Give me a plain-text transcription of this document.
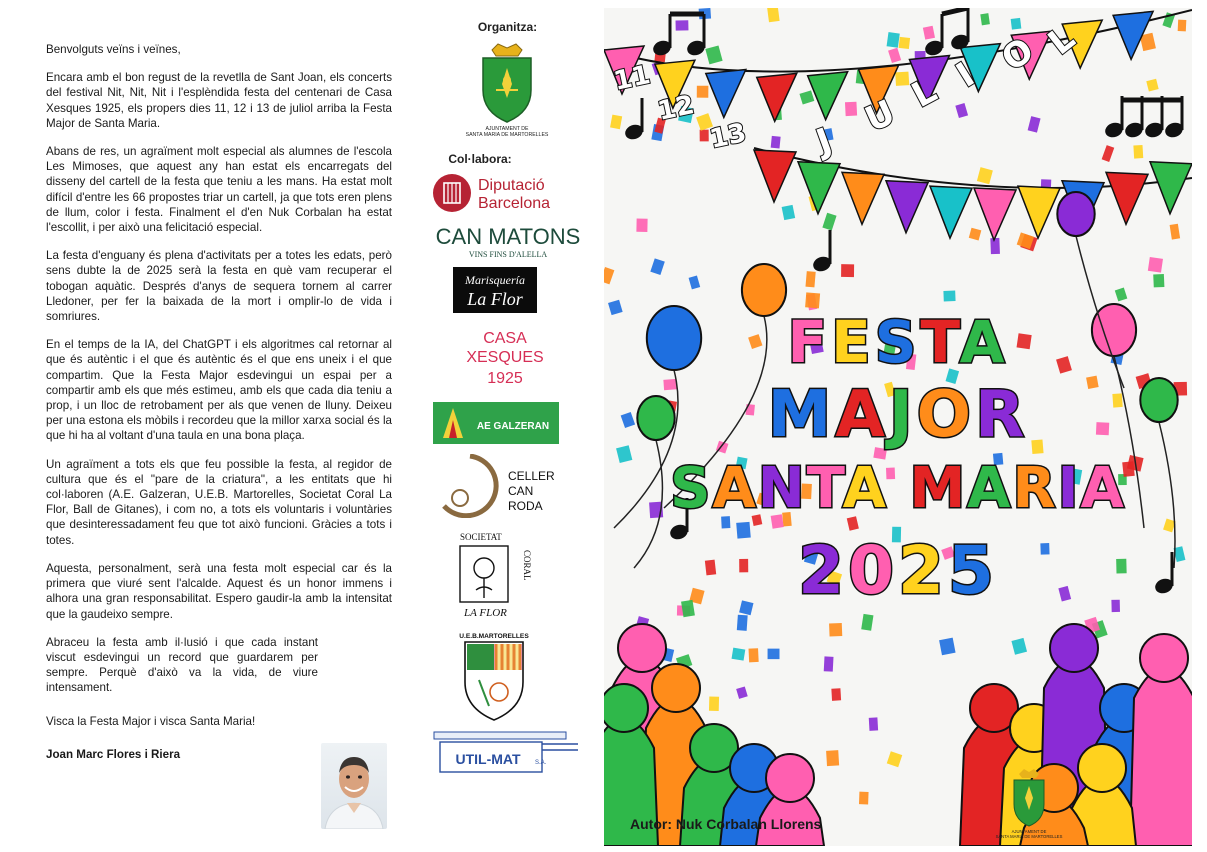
Benvolguts veïns i veïnes,

Encara amb el bon regust de la revetlla de Sant Joan, els concerts del festival Nit, Nit, Nit i l'esplèndida festa del centenari de Casa Xesques 1925, els propers dies 11, 12 i 13 de juliol arriba la Festa Major de Santa Maria.

Abans de res, un agraïment molt especial als alumnes de l'escola Les Mimoses, que aquest any han estat els encarregats del disseny del cartell de la festa que teniu a les mans. Ha estat molt difícil d'entre les 66 propostes triar un cartell, ja que tots eren plens de llum, color i festa. Finalment el d'en Nuk Corbalan ha estat l'escollit, i per això una felicitació especial.

La festa d'enguany és plena d'activitats per a totes les edats, però sens dubte la de 2025 serà la festa en què vam recuperar el tobogan aquàtic. Després d'anys de sequera tornem al carrer Lledoner, per fer la baixada de la mort i omplir-lo de vida i somriures.

En el temps de la IA, del ChatGPT i els algoritmes cal retornar al que és autèntic i el que és autèntic és el que ens uneix i el que compartim. Que la Festa Major esdevingui un espai per a compartir amb els que més estimeu, amb els que cada dia teniu a prop, i un lloc de retrobament per als que venen de lluny. Deixeu per una estona els mòbils i recordeu que la millor xarxa social és la que hi ha al voltant d'una taula en una bona plaça.

Un agraïment a tots els que feu possible la festa, al regidor de cultura que és el "pare de la criatura", a les entitats que hi col·laboren (A.E. Galzeran, U.E.B. Martorelles, Societat Coral La Flor, Ball de Gitanes), i com no, a tots els voluntaris i voluntàries que desinteressadament feu que tot això funcioni. Gràcies a tots i totes.

Aquesta, personalment, serà una festa molt especial car és la primera que viuré sent l'alcalde. Aquest és un honor immens i alhora una gran responsabilitat. Espero gaudir-la amb la intensitat que la gaudeixo sempre.

Abraceu la festa amb il·lusió i que cada instant viscut esdevingui un record que guardarem per sempre. Perquè d'això va la vida, de viure intensament.

Visca la Festa Major i visca Santa Maria!

Joan Marc Flores i Riera

Organitza:
AJUNTAMENT DE
SANTA MARIA DE MARTORELLES
Col·labora:
Diputació
Barcelona
CAN MATONS
VINS FINS D'ALELLA
Marisquería
La Flor
CASA
XESQUES
1925
AE GALZERAN
CELLER
CAN
RODA
SOCIETAT
CORAL
LA FLOR
U.E.B.MARTORELLES
UTIL-MAT S.A.
11
12
13 J
U L I O L
FESTA
MAJOR
SANTA MARIA
2025
Autor: Nuk Corbalan Llorens	AJUNTAMENT DE
SANTA MARIA DE MARTORELLES
